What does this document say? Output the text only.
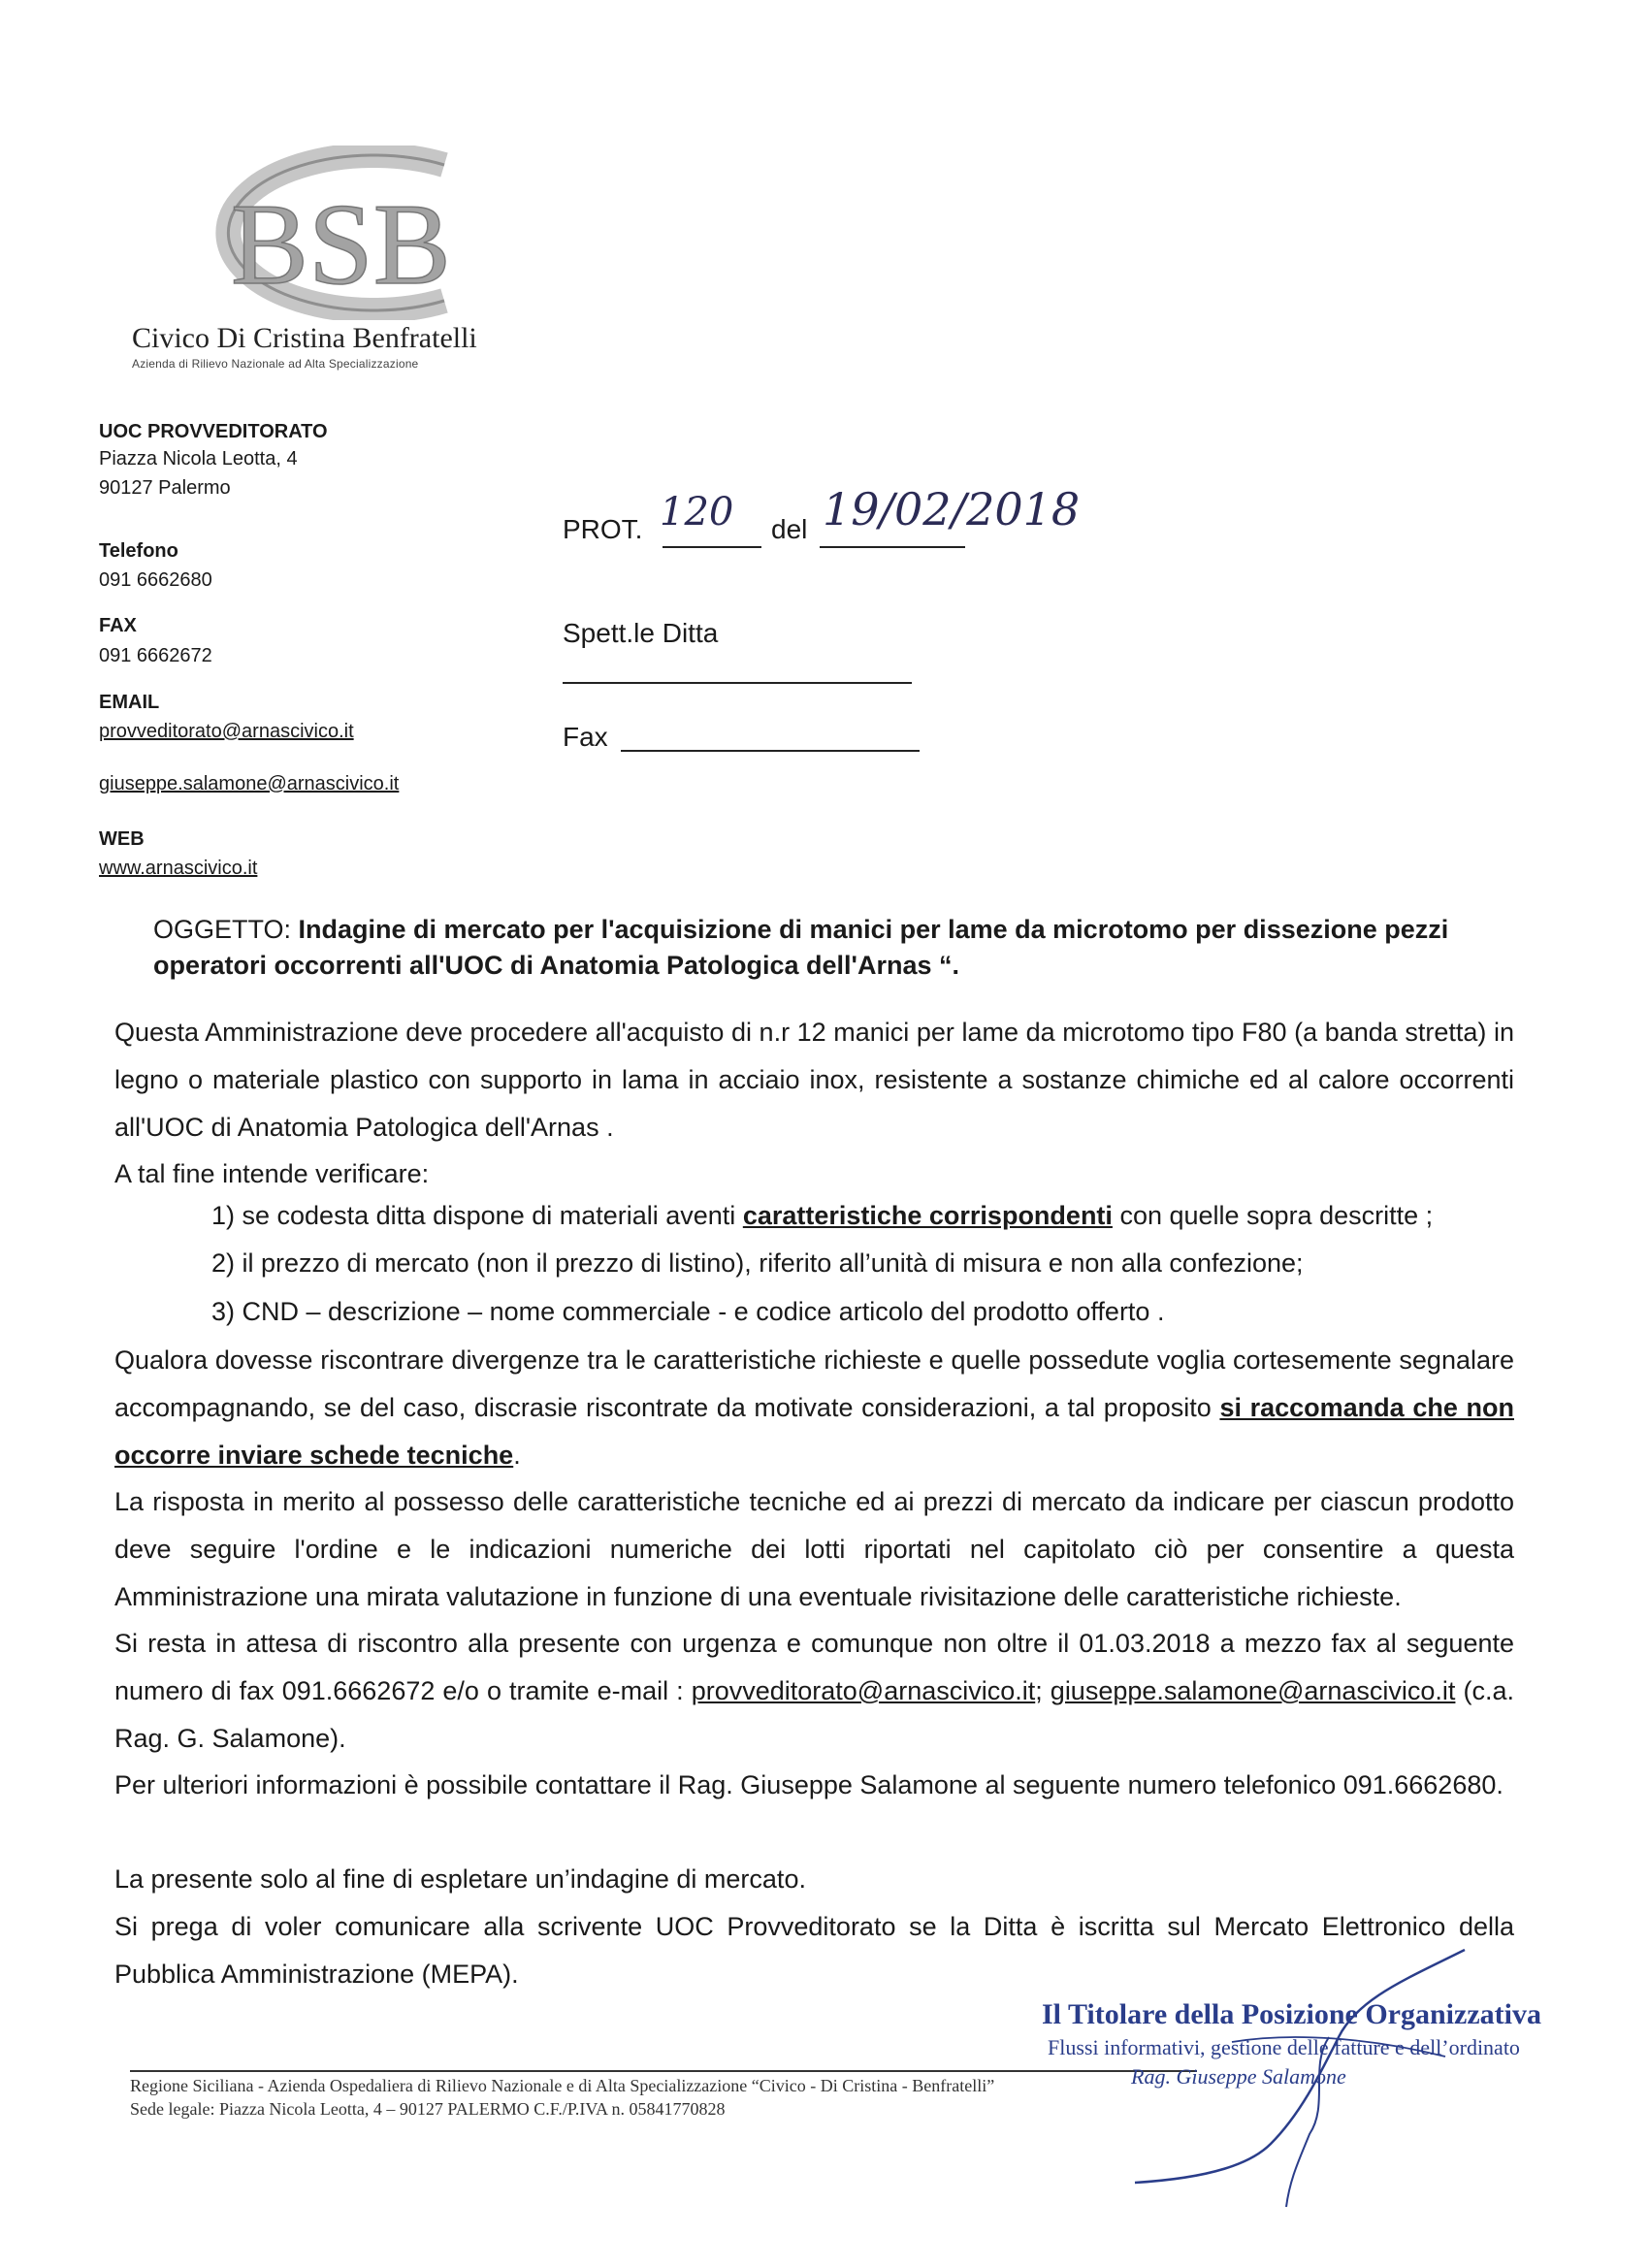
BSB
Civico Di Cristina Benfratelli
Azienda di Rilievo Nazionale ad Alta Specializzazione
UOC PROVVEDITORATO
Piazza Nicola Leotta, 4
90127 Palermo
Telefono
091 6662680
FAX
091 6662672
EMAIL
provveditorato@arnascivico.it
giuseppe.salamone@arnascivico.it
WEB
www.arnascivico.it
PROT. 120 del 19/02/2018
Spett.le Ditta
Fax
OGGETTO: Indagine di mercato per l'acquisizione di manici per lame da microtomo per dissezione pezzi operatori occorrenti all'UOC di Anatomia Patologica dell'Arnas “.
Questa Amministrazione deve procedere all'acquisto di n.r 12 manici per lame da microtomo tipo F80 (a banda stretta) in legno o materiale plastico con supporto in lama in acciaio inox, resistente a sostanze chimiche ed al calore occorrenti all'UOC di Anatomia Patologica dell'Arnas .
A tal fine intende verificare:
1) se codesta ditta dispone di materiali aventi caratteristiche corrispondenti con quelle sopra descritte ;
2) il prezzo di mercato (non il prezzo di listino), riferito all’unità di misura e non alla confezione;
3) CND – descrizione – nome commerciale - e codice articolo del prodotto offerto .
Qualora dovesse riscontrare divergenze tra le caratteristiche richieste e quelle possedute voglia cortesemente segnalare accompagnando, se del caso, discrasie riscontrate da motivate considerazioni, a tal proposito si raccomanda che non occorre inviare schede tecniche.
La risposta in merito al possesso delle caratteristiche tecniche ed ai prezzi di mercato da indicare per ciascun prodotto deve seguire l'ordine e le indicazioni numeriche dei lotti riportati nel capitolato ciò per consentire a questa Amministrazione una mirata valutazione in funzione di una eventuale rivisitazione delle caratteristiche richieste.
Si resta in attesa di riscontro alla presente con urgenza e comunque non oltre il 01.03.2018 a mezzo fax al seguente numero di fax 091.6662672 e/o o tramite e-mail : provveditorato@arnascivico.it; giuseppe.salamone@arnascivico.it (c.a. Rag. G. Salamone).
Per ulteriori informazioni è possibile contattare il Rag. Giuseppe Salamone al seguente numero telefonico 091.6662680.
La presente solo al fine di espletare un’indagine di mercato.
Si prega di voler comunicare alla scrivente UOC Provveditorato se la Ditta è iscritta sul Mercato Elettronico della Pubblica Amministrazione (MEPA).
Regione Siciliana - Azienda Ospedaliera di Rilievo Nazionale e di Alta Specializzazione “Civico - Di Cristina - Benfratelli”
Sede legale: Piazza Nicola Leotta, 4 – 90127 PALERMO C.F./P.IVA n. 05841770828
Il Titolare della Posizione Organizzativa
Flussi informativi, gestione delle fatture e dell’ordinato
Rag. Giuseppe Salamone
